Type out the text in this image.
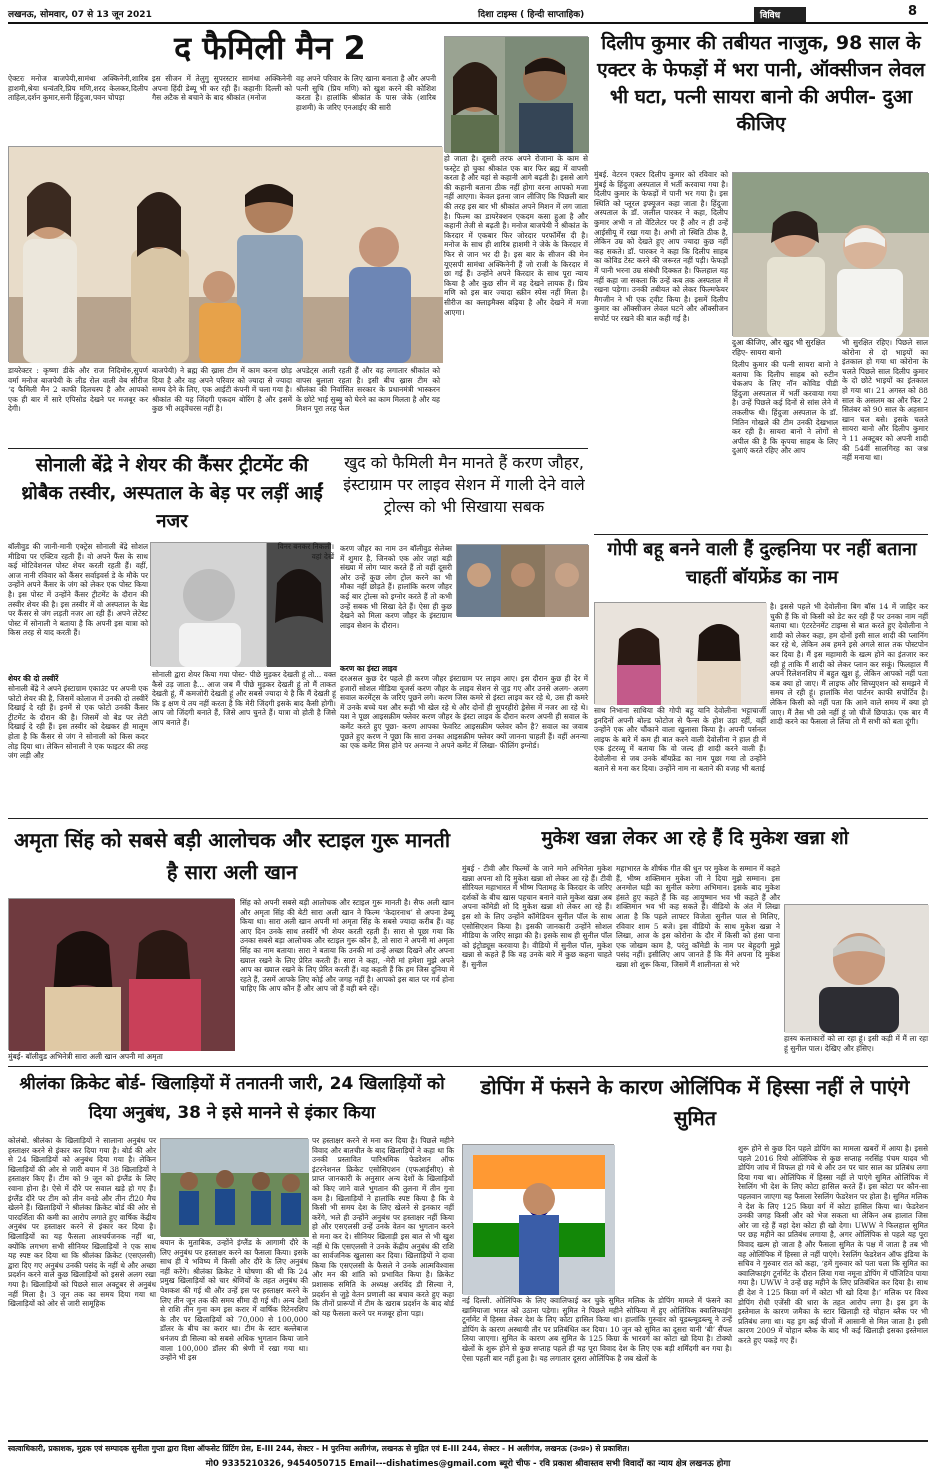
लखनऊ, सोमवार, 07 से 13 जून 2021	दिशा टाइम्स ( हिन्दी साप्ताहिक)	विविध	8
द फैमिली मैन 2
ऐक्टरः मनोज बाजपेयी,सामंथा अक्किनेनी,शारिब हाशमी,श्रेया धन्वंतरि,प्रिय मणि,शरद केलकर,दिलीप ताहिल,दर्शन कुमार,सनी हिंदुजा,पवन चोपड़ा
इस सीजन में तेलुगु सुपरस्टार सामंथा अक्किनेनी अपना हिंदी डेब्यू भी कर रही हैं। कहानीः दिल्ली को गैस अटैक से बचाने के बाद श्रीकांत (मनोज
वह अपने परिवार के लिए खाना बनाता है और अपनी पत्नी सुचि (प्रिय मणि) को खुश करने की कोशिश करता है। हालांकि श्रीकांत के पास जेके (शारिब हाशमी) के जरिए एनआईए की सारी
हो जाता है। दूसरी तरफ अपने रोजाना के काम से फस्ट्रेट हो चुका श्रीकांत एक बार फिर ब्रह्म में वापसी करता है और यहां से कहानी आगे बढ़ती है। इससे आगे की कहानी बताना ठीक नहीं होगा वरना आपको मजा नहीं आएगा। केवल इतना जान लीजिए कि पिछली बार की तरह इस बार भी श्रीकांत अपने मिशन में लग जाता है। फिल्म का डायरेक्शन एकदम कसा हुआ है और कहानी तेजी से बढ़ती है। मनोज बाजपेयी ने श्रीकांत के किरदार में एकबार फिर जोरदार परफॉर्मेंस दी है। मनोज के साथ ही शारिब हाशमी ने जेके के किरदार में फिर से जान भर दी है। इस बार के सीजन की मेन यूएसपी सामंथा अक्किनेनी हैं जो राजी के किरदार में छा गई हैं। उन्होंने अपने किरदार के साथ पूरा न्याय किया है और कुछ सीन में वह देखने लायक हैं। प्रिय मणि को इस बार ज्यादा स्क्रीन स्पेस नहीं मिला है। सीरीज का क्लाइमैक्स बढ़िया है और देखने में मजा आएगा।
डायरेक्टर : कृष्णा डीके और राज निदिमोरु,सुपर्ण वर्मा मनोज बाजपेयी के लीड रोल वाली वेब सीरीज ‘द फैमिली मैन 2 काफी दिलचस्प है और आपको एक ही बार में सारे एपिसोड देखने पर मजबूर कर देगी।
बाजपेयी) ने ब्रह्म की ख्रास टीम में काम करना छोड़ दिया है और वह अपने परिवार को ज्यादा से ज्यादा समय देने के लिए, एक आईटी कंपनी में चला गया है। श्रीकांत की यह जिंदगी एकदम बोरिंग है और इसमें कुछ भी अड्वेंचरस नहीं है।
अपडेट्स आती रहती हैं और वह लगातार श्रीकांत को वापस बुलाता रहता है। इसी बीच ख्रास टीम को श्रीलंका की निर्वासित सरकार के प्रधानमंत्री भास्करन के छोटे भाई सुब्बु को घेरने का काम मिलता है और यह मिशन पूरा तरह फेल
दिलीप कुमार की तबीयत नाजुक, 98 साल के एक्टर के फेफड़ों में भरा पानी, ऑक्सीजन लेवल भी घटा, पत्नी सायरा बानो की अपील- दुआ कीजिए
मुंबई. वेटरन एक्टर दिलीप कुमार को रविवार को मुंबई के हिंदुजा अस्पताल में भर्ती करवाया गया है। दिलीप कुमार के फेफड़ों में पानी भर गया है। इस स्थिति को प्लूरल इफ्यूजन कहा जाता है। हिंदुजा अस्पताल के डॉ. जलील पारकर ने कहा, दिलीप कुमार अभी न तो वेंटिलेटर पर हैं और न ही उन्हें आईसीयू में रखा गया है। अभी तो स्थिति ठीक है, लेकिन उम्र को देखते हुए आप ज्यादा कुछ नहीं कह सकते। डॉ. पारकर ने कहा कि दिलीप साहब का कोविड टेस्ट करने की जरूरत नहीं पड़ी। फेफड़ों में पानी भरना उम्र संबंधी दिक्कत है। फिलहाल यह नहीं कहा जा सकता कि उन्हें कब तक अस्पताल में रखना पड़ेगा। उनकी तबीयत को लेकर फिल्मफेयर मैगजीन ने भी एक ट्वीट किया है। इसमें दिलीप कुमार का ऑक्सीजन लेवल घटने और ऑक्सीजन सपोर्ट पर रखने की बात कही गई है।
दुआ कीजिए, और खुद भी सुरक्षित रहिए- सायरा बानो
दिलीप कुमार की पत्नी सायरा बानो ने बताया कि दिलीप साहब को रुटीन चेकअप के लिए नॉन कोविड पीडी हिंदुजा अस्पताल में भर्ती करवाया गया है। उन्हें पिछले कई दिनों से सांस लेने में तकलीफ थी। हिंदुजा अस्पताल के डॉ. नितिन गोखले की टीम उनकी देखभाल कर रही है। सायरा बानो ने लोगों से अपील की है कि कृपया साहब के लिए दुआएं करते रहिए और आप
भी सुरक्षित रहिए। पिछले साल कोरोना से दो भाइयों का इंतकाल हो गया था कोरोना के चलते पिछले साल दिलीप कुमार के दो छोटे भाइयों का इंतकाल हो गया था। 21 अगस्त को 88 साल के असलम का और फिर 2 सितंबर को 90 साल के अहसान खान चल बसे। इसके चलते सायरा बानो और दिलीप कुमार ने 11 अक्टूबर को अपनी शादी की 54वीं सालगिरह का जश्न नहीं मनाया था।
सोनाली बेंद्रे ने शेयर की कैंसर ट्रीटमेंट की थ्रोबैक तस्वीर, अस्पताल के बेड़ पर लड़ीं आईं नजर
बॉलीवुड की जानी-मानी एक्ट्रेस सोनाली बेंद्रे सोशल मीडिया पर एक्टिव रहती हैं। वो अपने फैंस के साथ कई मोटिवेशनल पोस्ट शेयर करती रहती हैं। वहीं, आज नानी रविवार को कैंसर सर्वाइवर्स डे के मौके पर उन्होंने अपने कैंसर के जंग को लेकर एक पोस्ट किया है। इस पोस्ट में उन्होंने कैंसर ट्रीटमेंट के दौरान की तस्वीर शेयर की है। इस तस्वीर में वो अस्पताल के बेड पर कैंसर से जंग लड़ती नजर आ रही हैं। अपने लेटेस्ट पोस्ट में सोनाली ने बताया है कि अपनी इस यात्रा को किस तरह से याद करती हैं।
विनर बनकर निकलीं। वहां देखें
शेयर की दो तस्वीरें
सोनाली बेंद्रे ने अपने इंस्टाग्राम एकाउंट पर अपनी एक फोटो शेयर की है, जिसमें कोलाज में उनकी दो तस्वीरें दिखाई दे रही हैं। इनमें से एक फोटो उनकी कैंसर ट्रीटमेंट के दौरान की है। जिसमें वो बेड पर लेटी दिखाई दे रही हैं। इस तस्वीर को देखकर ही मालूम होता है कि कैंसर से जंग ने सोनाली को किस कदर तोड़ दिया था। लेकिन सोनाली ने एक फाइटर की तरह जंग लड़ी औऱ
सोनाली द्वारा शेयर किया गया पोस्ट- पीछे मुड़कर देखती हूं तो... वक्त कैसे उड़ जाता है... आज जब मैं पीछे मुड़कर देखती हूं तो मैं ताकत देखती हूं, मैं कमजोरी देखती हूं और सबसे ज्यादा ये है कि मैं देखती हूं कि इ क्षण ये तय नहीं करता है कि मेरी जिंदगी इसके बाद कैसी होगी। आप जो जिंदगी बनाते हैं, जिसे आप चुनते हैं। यात्रा वो होती है जिसे आप बनाते हैं।
खुद को फैमिली मैन मानते हैं करण जौहर, इंस्टाग्राम पर लाइव सेशन में गाली देने वाले ट्रोल्स को भी सिखाया सबक
करण जौहर का नाम उन बॉलीवुड सेलेब्स में शुमार है, जिनको एक ओर जहां बड़ी संख्या में लोग प्यार करते हैं तो वहीं दूसरी ओर उन्हें कुछ लोग ट्रोल करने का भी मौका नहीं छोड़ते हैं। हालांकि करण जौहर कई बार ट्रोल्स को इग्नोर करते हैं तो कभी उन्हें सबक भी सिखा देते हैं। ऐसा ही कुछ देखने को मिला करण जौहर के इंस्टाग्राम लाइव सेशन के दौरान।
करण का इंस्टा लाइव
दरअसल कुछ देर पहले ही करण जौहर इंस्टाग्राम पर लाइव आए। इस दौरान कुछ ही देर में हजारों सोशल मीडिया यूजर्स करण जौहर के लाइव सेशन से जुड़ गए और उनसे अलग- अलग सवाल करमेंट्स के जरिए पूछने लगे। करण जिस कमरे से इंस्टा लाइव कर रहे थे, उस ही कमरे में उनके बच्चे यश और रूही भी खेल रहे थे और दोनों ही सुपरहीरो ड्रेसेस में नजर आ रहे थे। यश ने पूछा आइसक्रीम फ्लेवर करण जौहर के इंस्टा लाइव के दौरान करण अपनी ही सवाल के कमेंट करते हुए पूछा- करण आपका फेवरिट आइसक्रीम फ्लेवर कौन है? सवाल का जवाब पूछते हुए करण ने पूछा कि सारा उनका आइसक्रीम फ्लेवर क्यों जानना चाहती हैं। वहीं अनन्या का एक कमेंट मिस होने पर अनन्या ने अपने कमेंट में लिखा- फीलिंग इग्नोर्ड।
गोपी बहू बनने वाली हैं दुल्हनिया पर नहीं बताना चाहतीं बॉयफ्रेंड का नाम
साथ निभाना साथिया की गोपी बहू यानि देवोलीना भट्टाचार्जी इनदिनों अपनी बोल्ड फोटोज से फैन्स के होश उड़ा रहीं, वहीं उन्होंने एक और चौंकाने वाला खुलासा किया है। अपनी पर्सनल लाइफ के बारे में कम ही बात करने वाली देवोलीना ने हाल ही में एक इंटरव्यू में बताया कि वो जल्द ही शादी करने वाली हैं। देवोलीना से जब उनके बॉयफ्रेंड का नाम पूछा गया तो उन्होंने बताने से मना कर दिया। उन्होंने नाम ना बताने की वजह भी बताई
है। इससे पहले भी देवोलीना बिग बॉस 14 में जाहिर कर चुकी हैं कि वो किसी को डेट कर रही हैं पर उनका नाम नहीं बताया था। एंटरटेनमेंट टाइम्स से बात करते हुए देवोलीना ने शादी को लेकर कहा, हम दोनों इसी साल शादी की प्लानिंग कर रहे थे, लेकिन अब हमने इसे अगले साल तक पोस्टपोन कर दिया है। मैं इस महामारी के खत्म होने का इंतजार कर रही हूं ताकि मैं शादी को लेकर प्लान कर सकूं। फिलहाल मैं अपने रिलेशनशिप में बहुत खुश हूं, लेकिन आपको नहीं पता कब क्या हो जाए। मैं लाइफ और सिच्युएशन को समझने में समय ले रही हूं। हालांकि मेरा पार्टनर काफी सपोर्टिव है। लेकिन किसी को नहीं पता कि आने वाले समय में क्या हो जाए। मैं तैस भी उसे नहीं हूं जो चीजें छिपाऊं। एक बार मैं शादी करने का फैसला ले लिया तो मैं सभी को बता दूंगी।
अमृता सिंह को सबसे बड़ी आलोचक और स्टाइल गुरू मानती है सारा अली खान
सिंह को अपनी सबसे बड़ी आलोचक और स्टाइल गुरू मानती है। सैफ अली खान और अमृता सिंह की बेटी सारा अली खान ने फिल्म ‘केदारनाथ’ से अपना डेब्यू किया था। सारा अली खान अपनी मां अमृता सिंह के सबसे ज्यादा करीब हैं। वह आए दिन उनके साथ तस्वीरें भी शेयर करती रहती हैं। सारा से पूछा गया कि उनका सबसे बड़ा आलोचक और स्टाइल गुरू कौन है, तो सारा ने अपनी मां अमृता सिंह का नाम बताया। सारा ने बताया कि उनकी मां उन्हें अच्छा दिखने और अपना ख्याल रखने के लिए प्रेरित करती हैं। सारा ने कहा, -मेरी मां हमेशा मुझे अपने आप का ख्याल रखने के लिए प्रेरित करती हैं। वह कहती हैं कि हम जिस दुनिया में रहते हैं, उसमें आपके लिए कोई और जगह नहीं है। आपको इस बात पर गर्व होना चाहिए कि आप कौन हैं और आप जो हैं वही बने रहें।
मुंबई- बॉलीवुड अभिनेत्री सारा अली खान अपनी मां अमृता
मुकेश खन्ना लेकर आ रहे हैं दि मुकेश खन्ना शो
मुंबई - टीवी और फिल्मों के जाने माने अभिनेता मुकेश खन्ना अपना शो दि मुकेश खन्ना शो लेकर आ रहे हैं। टीवी सीरियल महाभारत में भीष्म पितामह के किरदार के जरिए दर्शकों के बीच खास पहचान बनाने वाले मुकेश खन्ना अब अपना कॉमेडी शो दि मुकेश खन्ना शो लेकर आ रहे हैं। इस शो के लिए उन्होंने कॉमेडियन सुनील पॉल के साथ एसोसिएशन किया है। इसकी जानकारी उन्होंने सोशल मीडिया के जरिए साझा की है। इसके साथ ही सुनील पॉल को इंट्रोड्यूस करवाया है। वीडियो में सुनील पॉल, मुकेश खन्ना से कहते हैं कि वह उनके बारे में कुछ कहना चाहते हैं। सुनील
महाभारत के शीर्षक गीत की धुन पर मुकेश के सम्मान में कहते हैं, भीष्म शक्तिमान मुकेश जी ने दिया मुझे सम्मान। इस अनमोल घड़ी का सुनील करेगा अभिमान। इसके बाद मुकेश हंसते हुए कहते हैं कि वह आयुष्मान भव भी कहते हैं और शक्तिमान भव भी कह सकते हैं। वीडियो के अंत में लिखा आता है कि पहले लाफ्टर विजेता सुनील पाल से मिलिए, रविवार शाम 5 बजे। इस वीडियो के साथ मुकेश खन्ना ने लिखा, आज के इस कोरोना के दौर में किसी को हंसा पाना एक जोखम काम है, परंतु कॉमेडी के नाम पर बेहूदगी मुझे पसंद नहीं। इसीलिए आप जानते हैं कि मैंने अपना दि मुकेश खन्ना शो शुरू किया, जिसमें मैं शालीनता से भरे
हास्य कलाकारों को ला रहा हूं। इसी कड़ी में मैं ला रहा हूं सुनील पाल। देखिए और हंसिए।
श्रीलंका क्रिकेट बोर्ड- खिलाड़ियों में तनातनी जारी, 24 खिलाड़ियों को दिया अनुबंध, 38 ने इसे मानने से इंकार किया
कोलंबो. श्रीलंका के खिलाड़ियों ने सालाना अनुबंध पर हस्ताक्षर करने से इंकार कर दिया गया है। बोर्ड की ओर से 24 खिलाड़ियों को अनुबंध दिया गया है। लेकिन खिलाड़ियों की ओर से जारी बयान में 38 खिलाड़ियों ने हस्ताक्षर किए हैं। टीम को 9 जून को इंग्लैंड के लिए रवाना होना है। ऐसे में दौरे पर सवाल खड़े हो गए हैं। इंग्लैंड दौरे पर टीम को तीन वनडे और तीन टी20 मैच खेलने हैं। खिलाड़ियों ने श्रीलंका क्रिकेट बोर्ड की ओर से पारदर्शिता की कमी का आरोप लगाते हुए वार्षिक केंद्रीय अनुबंध पर हस्ताक्षर करने से इंकार कर दिया है। खिलाड़ियों का यह फैसला आश्चर्यजनक नहीं था, क्योंकि लगभग सभी सीनियर खिलाड़ियों ने एक साथ यह स्पष्ट कर दिया था कि श्रीलंका क्रिकेट (एसएलसी) द्वारा दिए गए अनुबंध उनकी पसंद के नहीं थे और अच्छा प्रदर्शन करने वाले कुछ खिलाड़ियों को इससे अलग रखा गया है। खिलाड़ियों को पिछले साल अक्टूबर से अनुबंध नहीं मिला है। 3 जून तक का समय दिया गया था खिलाड़ियों को ओर से जारी सामूहिक
बयान के मुताबिक, उन्होंने इंग्लैंड के आगामी दौरे के लिए अनुबंध पर हस्ताक्षर करने का फैसला किया। इसके साथ ही ये भविष्य में किसी और दौरे के लिए अनुबंध नहीं करेंगे। श्रीलंका क्रिकेट ने घोषणा की थी कि 24 प्रमुख खिलाड़ियों को चार श्रेणियों के तहत अनुबंध की पेशकश की गई थी और उन्हें इस पर हस्ताक्षर करने के लिए तीन जून तक की समय सीमा दी गई थी। अन्य देशों से राशि तीन गुना कम इस करार में वार्षिक रिटेनरशिप के तौर पर खिलाड़ियों को 70,000 से 100,000 डॉलर के बीच का करार था। टीम के स्टार बल्लेबाज धनंजय डी सिल्वा को सबसे अधिक भुगतान किया जाने वाला 100,000 डॉलर की श्रेणी में रखा गया था। उन्होंने भी इस
पर हस्ताक्षर करने से मना कर दिया है। पिछले महीने विवाद और बातचीत के बाद खिलाड़ियों ने कहा था कि उनकी प्रस्तावित पारिश्रमिक फेडरेशन ऑफ इंटरनेशनल क्रिकेट एसोसिएशन (एफआईसीए) से प्राप्त जानकारी के अनुसार अन्य देशों के खिलाड़ियों को किए जाने वाले भुगतान की तुलना में तीन गुना कम है। खिलाड़ियों ने हालांकि स्पष्ट किया है कि वे किसी भी समय देश के लिए खेलने से इनकार नहीं करेंगे, भले ही उन्होंने अनुबंध पर हस्ताक्षर नहीं किया हो और एसएलसी उन्हें उनके वेतन का भुगतान करने से मना कर दे। सीनियर खिलाड़ी इस बात से भी खुश नहीं थे कि एसएलसी ने उनके केंद्रीय अनुबंध की राशि का सार्वजनिक खुलासा कर दिया। खिलाड़ियों ने दावा किया कि एसएलसी के फैसले ने उनके आत्मविश्वास और मन की शांति को प्रभावित किया है। क्रिकेट प्रशासक समिति के अध्यक्ष अरविंद डी सिल्वा ने, प्रदर्शन से जुड़े वेतन प्रणाली का बचाव करते हुए कहा कि तीनों प्रारूपों में टीम के खराब प्रदर्शन के बाद बोर्ड को यह फैसला करने पर मजबूर होना पड़ा।
डोपिंग में फंसने के कारण ओलिंपिक में हिस्सा नहीं ले पाएंगे सुमित
नई दिल्ली. ओलिंपिक के लिए क्वालिफाई कर चुके सुमित मलिक के डोपिंग मामले में फंसने का खामियाजा भारत को उठाना पड़ेगा। सुमित ने पिछले महीने सोफिया में हुए ओलिंपिक क्वालिफाइंग टूर्नामेंट में हिस्सा लेकर देश के लिए कोटा हासिल किया था। हालांकि गुरुवार को यूडब्ल्यूडब्ल्यू ने उन्हें डोपिंग के कारण अस्थायी तौर पर प्रतिबंधित कर दिया। 10 जून को सुमित का दूसरा यानी ‘बी’ सैंपल लिया जाएगा। सुमित के कारण अब सुमित के 125 किग्रा के भारवर्ग का कोटा खो दिया है। टोक्यो खेलों के शुरू होने से कुछ सप्ताह पहले ही यह पूरा विवाद देश के लिए एक बड़ी शर्मिंदगी बन गया है। ऐसा पहली बार नहीं हुआ है। यह लगातार दूसरा ओलिंपिक है जब खेलों के
शुरू होने से कुछ दिन पहले डोपिंग का मामला खबरों में आया है। इससे पहले 2016 रियो ओलिंपिक से कुछ सप्ताह नरसिंह पंचम यादव भी डोपिंग जांच में विफल हो गये थे और उन पर चार साल का प्रतिबंध लगा दिया गया था। ओलिंपिक में हिस्सा नहीं ले पाएंगे सुमित ओलिंपिक में रेसलिंग भी देश के लिए कोटा हासिल करते हैं। इस कोटा पर कौन-सा पहलवान जाएगा यह फैसला रेसलिंग फेडरेशन पर होता है। सुमित मलिक ने देश के लिए 125 किग्रा वर्ग में कोटा हासिल किया था। फेडरेशन उनकी जगह किसी और को भेज सकता था लेकिन अब हालात जिस ओर जा रहे हैं वहां देश कोटा ही खो देगा। UWW ने फिलहाल सुमित पर छह महीने का प्रतिबंध लगाया है, अगर ओलिंपिक से पहले यह पूरा विवाद खत्म हो जाता है और फैसला सुमित के पक्ष में जाता है तब भी वह ओलिंपिक में हिस्सा ले नहीं पाएंगे। रेसलिंग फेडरेशन ऑफ इंडिया के सचिव ने गुरुवार रात को कहा, ‘हमें गुरुवार को पता चला कि सुमित का क्वालिफाइंग टूर्नामेंट के दौरान लिया गया नमूना डोपिंग में पॉजिटिव पाया गया है। UWW ने उन्हें छह महीने के लिए प्रतिबंधित कर दिया है। साथ ही देश ने 125 किग्रा वर्ग में कोटा भी खो दिया है।’ मलिक पर विश्व डोपिंग रोधी एजेंसी की धारा के तहत आरोप लगा है। इस ड्रग के इस्तेमाल के कारण जमैका के स्टार खिलाड़ी रहे योहान ब्लैक पर भी प्रतिबंध लगा था। यह ड्रग कई चीजों में आसानी से मिल जाता है। इसी कारण 2009 में योहान ब्लैक के बाद भी कई खिलाड़ी इसका इस्तेमाल करते हुए पकड़े गए हैं।
स्वत्वाधिकारी, प्रकाशक, मुद्रक एवं सम्पादक सुनीता गुप्ता द्वारा दिशा ऑफसेट प्रिंटिंग प्रेस, E-III 244, सेक्टर - H पुरनिया अलीगंज, लखनऊ से मुद्रित एवं E-III 244, सेक्टर - H अलीगंज, लखनऊ (उ०प्र०) से प्रकाशित।
मो0 9335210326, 9454050715 Email---dishatimes@gmail.com ब्यूरो चीफ - रवि प्रकाश श्रीवास्तव सभी विवादों का न्याय क्षेत्र लखनऊ होगा
